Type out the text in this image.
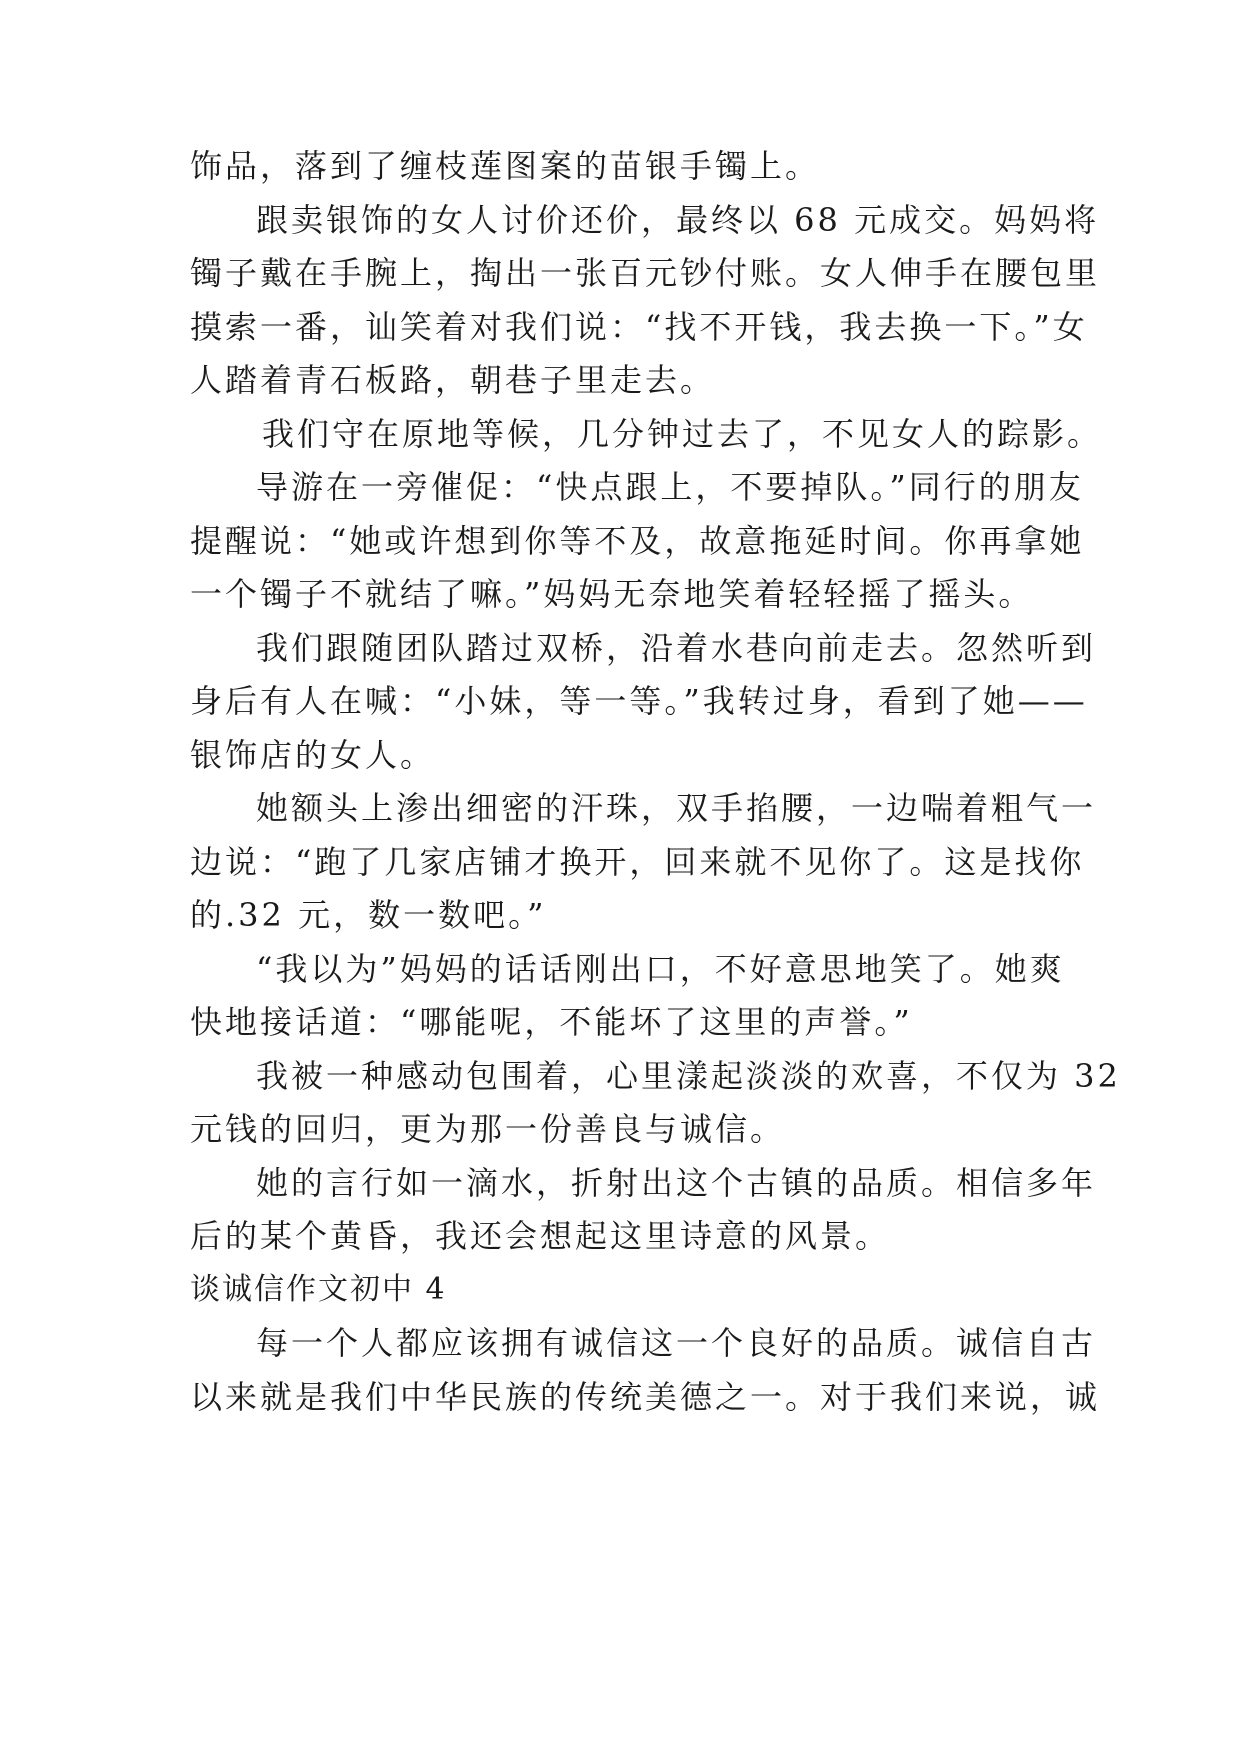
饰品，落到了缠枝莲图案的苗银手镯上。

跟卖银饰的女人讨价还价，最终以 68 元成交。妈妈将

镯子戴在手腕上，掏出一张百元钞付账。女人伸手在腰包里

摸索一番，讪笑着对我们说：“找不开钱，我去换一下。”女

人踏着青石板路，朝巷子里走去。

我们守在原地等候，几分钟过去了，不见女人的踪影。

导游在一旁催促：“快点跟上，不要掉队。”同行的朋友

提醒说：“她或许想到你等不及，故意拖延时间。你再拿她

一个镯子不就结了嘛。”妈妈无奈地笑着轻轻摇了摇头。

我们跟随团队踏过双桥，沿着水巷向前走去。忽然听到

身后有人在喊：“小妹，等一等。”我转过身，看到了她——

银饰店的女人。

她额头上渗出细密的汗珠，双手掐腰，一边喘着粗气一

边说：“跑了几家店铺才换开，回来就不见你了。这是找你

的.32 元，数一数吧。”

“我以为”妈妈的话话刚出口，不好意思地笑了。她爽

快地接话道：“哪能呢，不能坏了这里的声誉。”

我被一种感动包围着，心里漾起淡淡的欢喜，不仅为 32

元钱的回归，更为那一份善良与诚信。

她的言行如一滴水，折射出这个古镇的品质。相信多年

后的某个黄昏，我还会想起这里诗意的风景。

谈诚信作文初中 4

每一个人都应该拥有诚信这一个良好的品质。诚信自古

以来就是我们中华民族的传统美德之一。对于我们来说，诚
